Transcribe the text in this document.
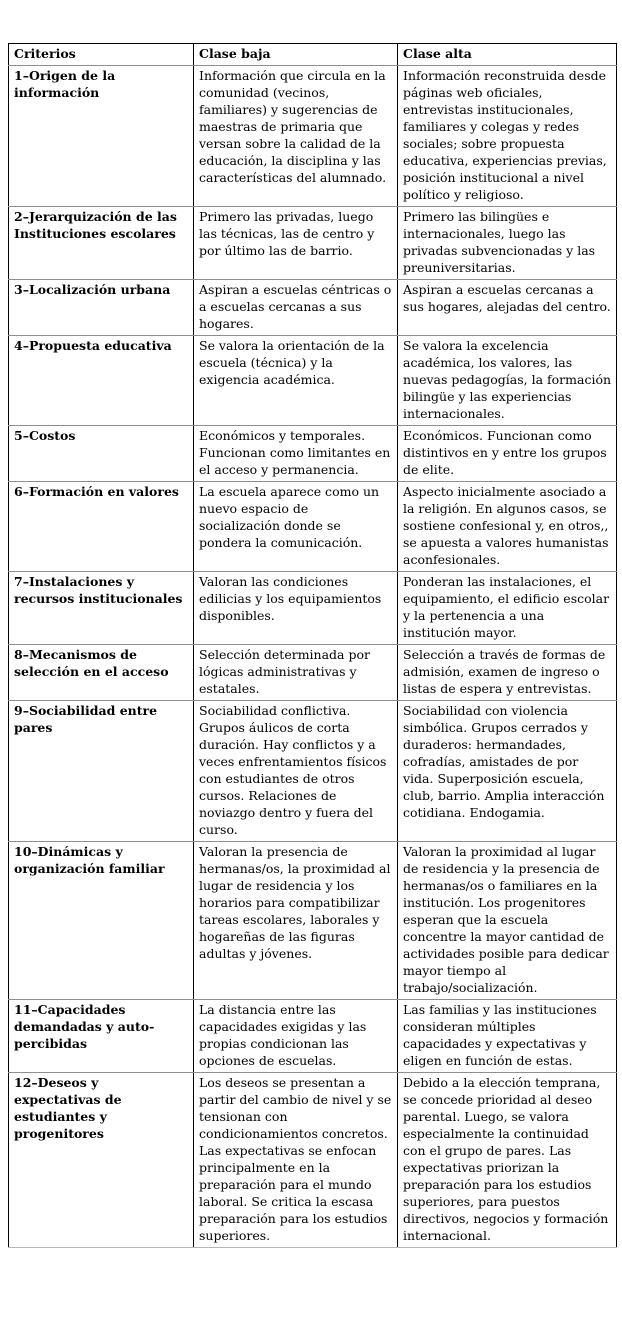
Criterios	Clase baja	Clase alta
1–Origen de la información	Información que circula en la comunidad (vecinos, familiares) y sugerencias de maestras de primaria que versan sobre la calidad de la educación, la disciplina y las características del alumnado.	Información reconstruida desde páginas web oficiales, entrevistas institucionales, familiares y colegas y redes sociales; sobre propuesta educativa, experiencias previas, posición institucional a nivel político y religioso.
2–Jerarquización de las Instituciones escolares	Primero las privadas, luego las técnicas, las de centro y por último las de barrio.	Primero las bilingües e internacionales, luego las privadas subvencionadas y las preuniversitarias.
3–Localización urbana	Aspiran a escuelas céntricas o a escuelas cercanas a sus hogares.	Aspiran a escuelas cercanas a sus hogares, alejadas del centro.
4–Propuesta educativa	Se valora la orientación de la escuela (técnica) y la exigencia académica.	Se valora la excelencia académica, los valores, las nuevas pedagogías, la formación bilingüe y las experiencias internacionales.
5–Costos	Económicos y temporales. Funcionan como limitantes en el acceso y permanencia.	Económicos. Funcionan como distintivos en y entre los grupos de elite.
6–Formación en valores	La escuela aparece como un nuevo espacio de socialización donde se pondera la comunicación.	Aspecto inicialmente asociado a la religión. En algunos casos, se sostiene confesional y, en otros,, se apuesta a valores humanistas aconfesionales.
7–Instalaciones y recursos institucionales	Valoran las condiciones edilicias y los equipamientos disponibles.	Ponderan las instalaciones, el equipamiento, el edificio escolar y la pertenencia a una institución mayor.
8–Mecanismos de selección en el acceso	Selección determinada por lógicas administrativas y estatales.	Selección a través de formas de admisión, examen de ingreso o listas de espera y entrevistas.
9–Sociabilidad entre pares	Sociabilidad conflictiva. Grupos áulicos de corta duración. Hay conflictos y a veces enfrentamientos físicos con estudiantes de otros cursos. Relaciones de noviazgo dentro y fuera del curso.	Sociabilidad con violencia simbólica. Grupos cerrados y duraderos: hermandades, cofradías, amistades de por vida. Superposición escuela, club, barrio. Amplia interacción cotidiana. Endogamia.
10–Dinámicas y organización familiar	Valoran la presencia de hermanas/os, la proximidad al lugar de residencia y los horarios para compatibilizar tareas escolares, laborales y hogareñas de las figuras adultas y jóvenes.	Valoran la proximidad al lugar de residencia y la presencia de hermanas/os o familiares en la institución. Los progenitores esperan que la escuela concentre la mayor cantidad de actividades posible para dedicar mayor tiempo al trabajo/socialización.
11–Capacidades demandadas y auto-percibidas	La distancia entre las capacidades exigidas y las propias condicionan las opciones de escuelas.	Las familias y las instituciones consideran múltiples capacidades y expectativas y eligen en función de estas.
12–Deseos y expectativas de estudiantes y progenitores	Los deseos se presentan a partir del cambio de nivel y se tensionan con condicionamientos concretos. Las expectativas se enfocan principalmente en la preparación para el mundo laboral. Se critica la escasa preparación para los estudios superiores.	Debido a la elección temprana, se concede prioridad al deseo parental. Luego, se valora especialmente la continuidad con el grupo de pares. Las expectativas priorizan la preparación para los estudios superiores, para puestos directivos, negocios y formación internacional.
